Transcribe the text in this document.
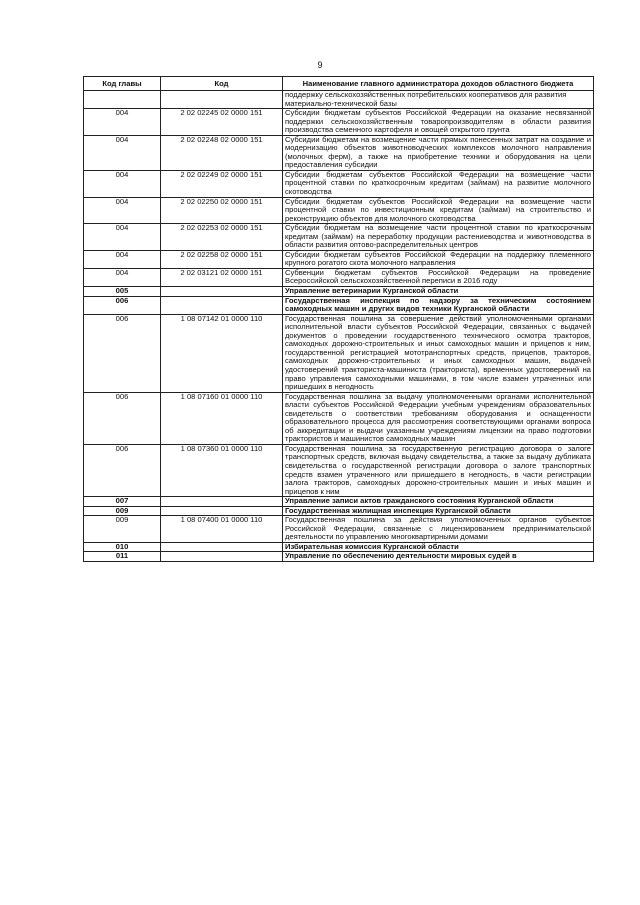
9
Код главы	Код	Наименование главного администратора доходов областного бюджета
		поддержку сельскохозяйственных потребительских кооперативов для развития материально-технической базы
004	2 02 02245 02 0000 151	Субсидии бюджетам субъектов Российской Федерации на оказание несвязанной поддержки сельскохозяйственным товаропроизводителям в области развития производства семенного картофеля и овощей открытого грунта
004	2 02 02248 02 0000 151	Субсидии бюджетам на возмещение части прямых понесенных затрат на создание и модернизацию объектов животноводческих комплексов молочного направления (молочных ферм), а также на приобретение техники и оборудования на цели предоставления субсидии
004	2 02 02249 02 0000 151	Субсидии бюджетам субъектов Российской Федерации на возмещение части процентной ставки по краткосрочным кредитам (займам) на развитие молочного скотоводства
004	2 02 02250 02 0000 151	Субсидии бюджетам субъектов Российской Федерации на возмещение части процентной ставки по инвестиционным кредитам (займам) на строительство и реконструкцию объектов для молочного скотоводства
004	2 02 02253 02 0000 151	Субсидии бюджетам на возмещение части процентной ставки по краткосрочным кредитам (займам) на переработку продукции растениеводства и животноводства в области развития оптово-распределительных центров
004	2 02 02258 02 0000 151	Субсидии бюджетам субъектов Российской Федерации на поддержку племенного крупного рогатого скота молочного направления
004	2 02 03121 02 0000 151	Субвенции бюджетам субъектов Российской Федерации на проведение Всероссийской сельскохозяйственной переписи в 2016 году
005		Управление ветеринарии Курганской области
006		Государственная инспекция по надзору за техническим состоянием самоходных машин и других видов техники Курганской области
006	1 08 07142 01 0000 110	Государственная пошлина за совершение действий уполномоченными органами исполнительной власти субъектов Российской Федерации, связанных с выдачей документов о проведении государственного технического осмотра тракторов, самоходных дорожно-строительных и иных самоходных машин и прицепов к ним, государственной регистрацией мототранспортных средств, прицепов, тракторов, самоходных дорожно-строительных и иных самоходных машин, выдачей удостоверений тракториста-машиниста (тракториста), временных удостоверений на право управления самоходными машинами, в том числе взамен утраченных или пришедших в негодность
006	1 08 07160 01 0000 110	Государственная пошлина за выдачу уполномоченными органами исполнительной власти субъектов Российской Федерации учебным учреждениям образовательных свидетельств о соответствии требованиям оборудования и оснащенности образовательного процесса для рассмотрения соответствующими органами вопроса об аккредитации и выдачи указанным учреждениям лицензии на право подготовки трактористов и машинистов самоходных машин
006	1 08 07360 01 0000 110	Государственная пошлина за государственную регистрацию договора о залоге транспортных средств, включая выдачу свидетельства, а также за выдачу дубликата свидетельства о государственной регистрации договора о залоге транспортных средств взамен утраченного или пришедшего в негодность, в части регистрации залога тракторов, самоходных дорожно-строительных машин и иных машин и прицепов к ним
007		Управление записи актов гражданского состояния Курганской области
009		Государственная жилищная инспекция Курганской области
009	1 08 07400 01 0000 110	Государственная пошлина за действия уполномоченных органов субъектов Российской Федерации, связанные с лицензированием предпринимательской деятельности по управлению многоквартирными домами
010		Избирательная комиссия Курганской области
011		Управление по обеспечению деятельности мировых судей в
